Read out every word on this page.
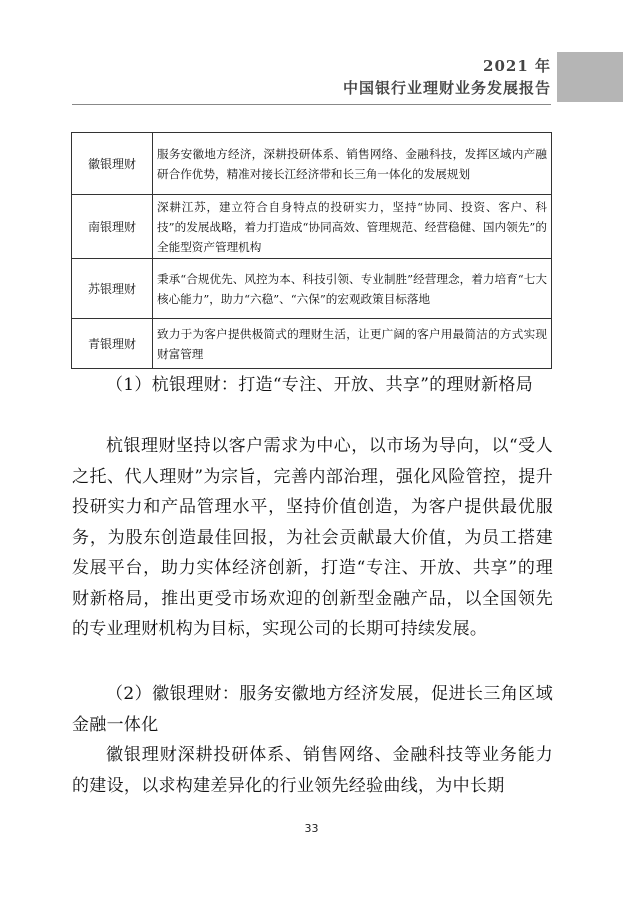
2021 年
中国银行业理财业务发展报告
徽银理财	服务安徽地方经济，深耕投研体系、销售网络、金融科技，发挥区域内产融研合作优势，精准对接长江经济带和长三角一体化的发展规划
南银理财	深耕江苏，建立符合自身特点的投研实力，坚持“协同、投资、客户、科技”的发展战略，着力打造成“协同高效、管理规范、经营稳健、国内领先”的全能型资产管理机构
苏银理财	秉承“合规优先、风控为本、科技引领、专业制胜”经营理念，着力培育“七大核心能力”，助力“六稳”、“六保”的宏观政策目标落地
青银理财	致力于为客户提供极简式的理财生活，让更广阔的客户用最简洁的方式实现财富管理
（1）杭银理财：打造“专注、开放、共享”的理财新格局
杭银理财坚持以客户需求为中心，以市场为导向，以“受人之托、代人理财”为宗旨，完善内部治理，强化风险管控，提升投研实力和产品管理水平，坚持价值创造，为客户提供最优服务，为股东创造最佳回报，为社会贡献最大价值，为员工搭建发展平台，助力实体经济创新，打造“专注、开放、共享”的理财新格局，推出更受市场欢迎的创新型金融产品，以全国领先的专业理财机构为目标，实现公司的长期可持续发展。
（2）徽银理财：服务安徽地方经济发展，促进长三角区域金融一体化
徽银理财深耕投研体系、销售网络、金融科技等业务能力的建设，以求构建差异化的行业领先经验曲线，为中长期
33
